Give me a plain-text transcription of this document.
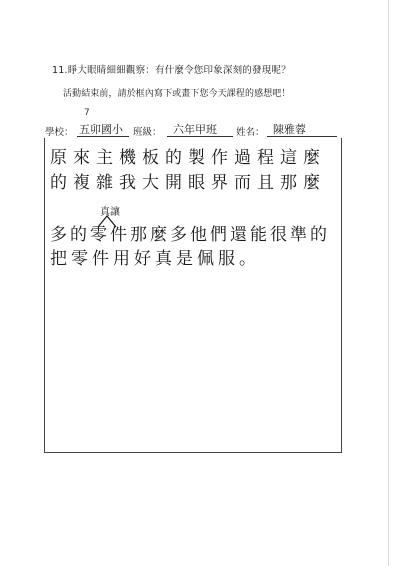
11.睜大眼睛細細觀察：有什麼令您印象深刻的發現呢？
活動結束前，請於框內寫下或畫下您今天課程的感想吧！
7
學校： 五卯國小 班級： 六年甲班 姓名： 陳雅蓉
原來主機板的製作過程這麼
的複雜我大開眼界而且那麼
真讓
多的零件那麼多他們還能很準的
把零件用好真是佩服。
